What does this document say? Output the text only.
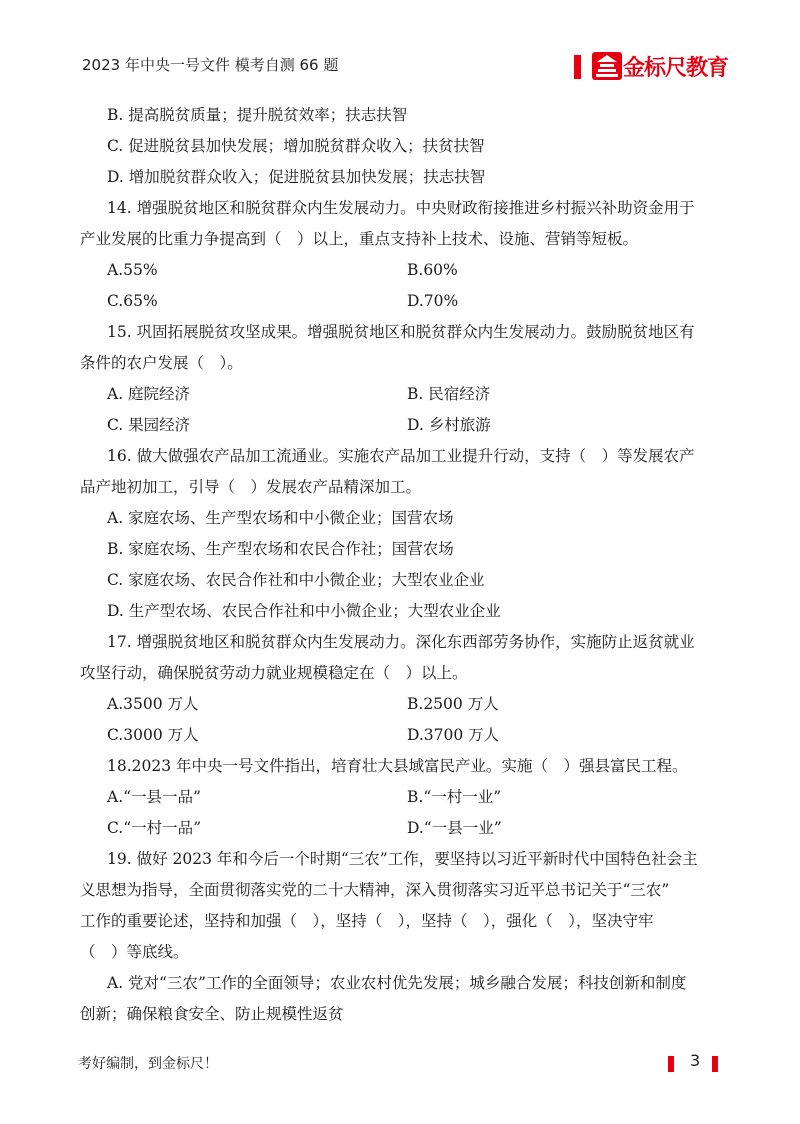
2023 年中央一号文件 模考自测 66 题	金标尺教育
B. 提高脱贫质量；提升脱贫效率；扶志扶智
C. 促进脱贫县加快发展；增加脱贫群众收入；扶贫扶智
D. 增加脱贫群众收入；促进脱贫县加快发展；扶志扶智
14. 增强脱贫地区和脱贫群众内生发展动力。中央财政衔接推进乡村振兴补助资金用于
产业发展的比重力争提高到（　）以上，重点支持补上技术、设施、营销等短板。
A.55%	B.60%
C.65%	D.70%
15. 巩固拓展脱贫攻坚成果。增强脱贫地区和脱贫群众内生发展动力。鼓励脱贫地区有
条件的农户发展（　）。
A. 庭院经济	B. 民宿经济
C. 果园经济	D. 乡村旅游
16. 做大做强农产品加工流通业。实施农产品加工业提升行动，支持（　）等发展农产
品产地初加工，引导（　）发展农产品精深加工。
A. 家庭农场、生产型农场和中小微企业；国营农场
B. 家庭农场、生产型农场和农民合作社；国营农场
C. 家庭农场、农民合作社和中小微企业；大型农业企业
D. 生产型农场、农民合作社和中小微企业；大型农业企业
17. 增强脱贫地区和脱贫群众内生发展动力。深化东西部劳务协作，实施防止返贫就业
攻坚行动，确保脱贫劳动力就业规模稳定在（　）以上。
A.3500 万人	B.2500 万人
C.3000 万人	D.3700 万人
18.2023 年中央一号文件指出，培育壮大县域富民产业。实施（　）强县富民工程。
A.“一县一品”	B.“一村一业”
C.“一村一品”	D.“一县一业”
19. 做好 2023 年和今后一个时期“三农”工作，要坚持以习近平新时代中国特色社会主
义思想为指导，全面贯彻落实党的二十大精神，深入贯彻落实习近平总书记关于“三农”
工作的重要论述，坚持和加强（　），坚持（　），坚持（　），强化（　），坚决守牢
（　）等底线。
A. 党对“三农”工作的全面领导；农业农村优先发展；城乡融合发展；科技创新和制度
创新；确保粮食安全、防止规模性返贫
考好编制，到金标尺！	3
